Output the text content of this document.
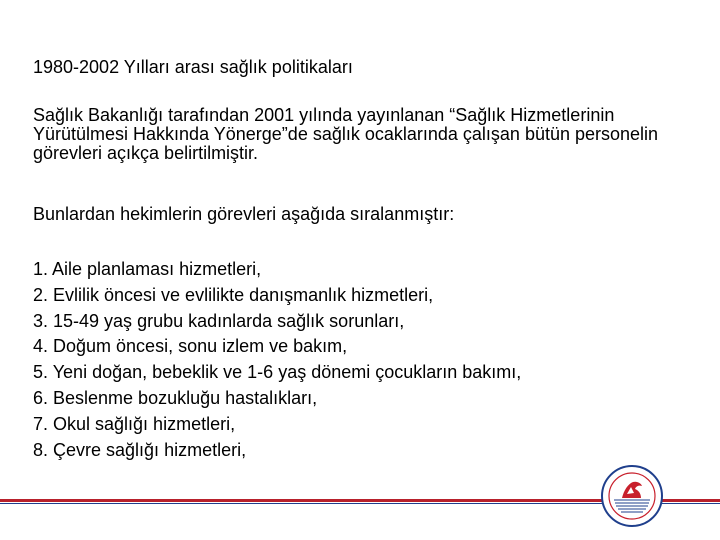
1980-2002 Yılları arası sağlık politikaları
Sağlık Bakanlığı tarafından 2001 yılında yayınlanan “Sağlık Hizmetlerinin Yürütülmesi Hakkında Yönerge”de sağlık ocaklarında çalışan bütün personelin görevleri açıkça belirtilmiştir.
Bunlardan hekimlerin görevleri aşağıda sıralanmıştır:
1. Aile planlaması hizmetleri,
2. Evlilik öncesi ve evlilikte danışmanlık hizmetleri,
3. 15-49 yaş grubu kadınlarda sağlık sorunları,
4. Doğum öncesi, sonu izlem ve bakım,
5. Yeni doğan, bebeklik ve 1-6 yaş dönemi çocukların bakımı,
6. Beslenme bozukluğu hastalıkları,
7. Okul sağlığı hizmetleri,
8. Çevre sağlığı hizmetleri,
